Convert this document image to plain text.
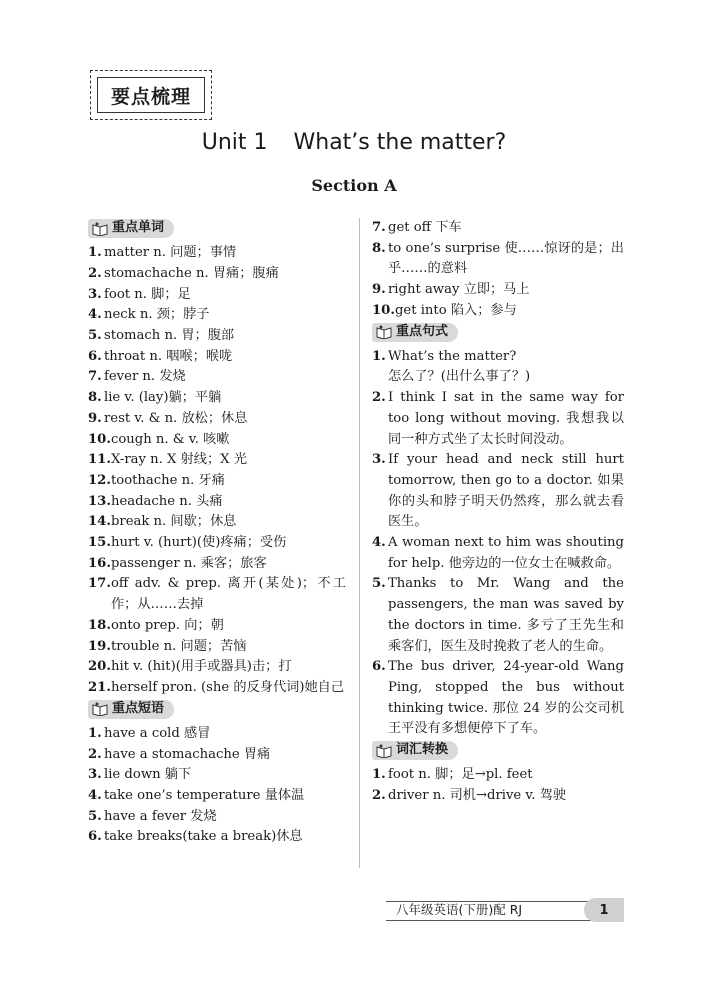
要点梳理
Unit 1 What’s the matter?
Section A
重点单词
1. matter n. 问题；事情
2. stomachache n. 胃痛；腹痛
3. foot n. 脚；足
4. neck n. 颈；脖子
5. stomach n. 胃；腹部
6. throat n. 咽喉；喉咙
7. fever n. 发烧
8. lie v. (lay)躺；平躺
9. rest v. & n. 放松；休息
10. cough n. & v. 咳嗽
11. X-ray n. X 射线；X 光
12. toothache n. 牙痛
13. headache n. 头痛
14. break n. 间歇；休息
15. hurt v. (hurt)(使)疼痛；受伤
16. passenger n. 乘客；旅客
17. off adv. & prep. 离开(某处)；不工作；从……去掉
18. onto prep. 向；朝
19. trouble n. 问题；苦恼
20. hit v. (hit)(用手或器具)击；打
21. herself pron. (she 的反身代词)她自己
重点短语
1. have a cold 感冒
2. have a stomachache 胃痛
3. lie down 躺下
4. take one’s temperature 量体温
5. have a fever 发烧
6. take breaks(take a break)休息
7. get off 下车
8. to one’s surprise 使……惊讶的是；出乎……的意料
9. right away 立即；马上
10. get into 陷入；参与
重点句式
1. What’s the matter?
怎么了？(出什么事了？)
2. I think I sat in the same way for too long without moving. 我想我以同一种方式坐了太长时间没动。
3. If your head and neck still hurt tomorrow, then go to a doctor. 如果你的头和脖子明天仍然疼，那么就去看医生。
4. A woman next to him was shouting for help. 他旁边的一位女士在喊救命。
5. Thanks to Mr. Wang and the passengers, the man was saved by the doctors in time. 多亏了王先生和乘客们，医生及时挽救了老人的生命。
6. The bus driver, 24-year-old Wang Ping, stopped the bus without thinking twice. 那位 24 岁的公交司机王平没有多想便停下了车。
词汇转换
1. foot n. 脚；足→pl. feet
2. driver n. 司机→drive v. 驾驶
八年级英语(下册)配 RJ	1
